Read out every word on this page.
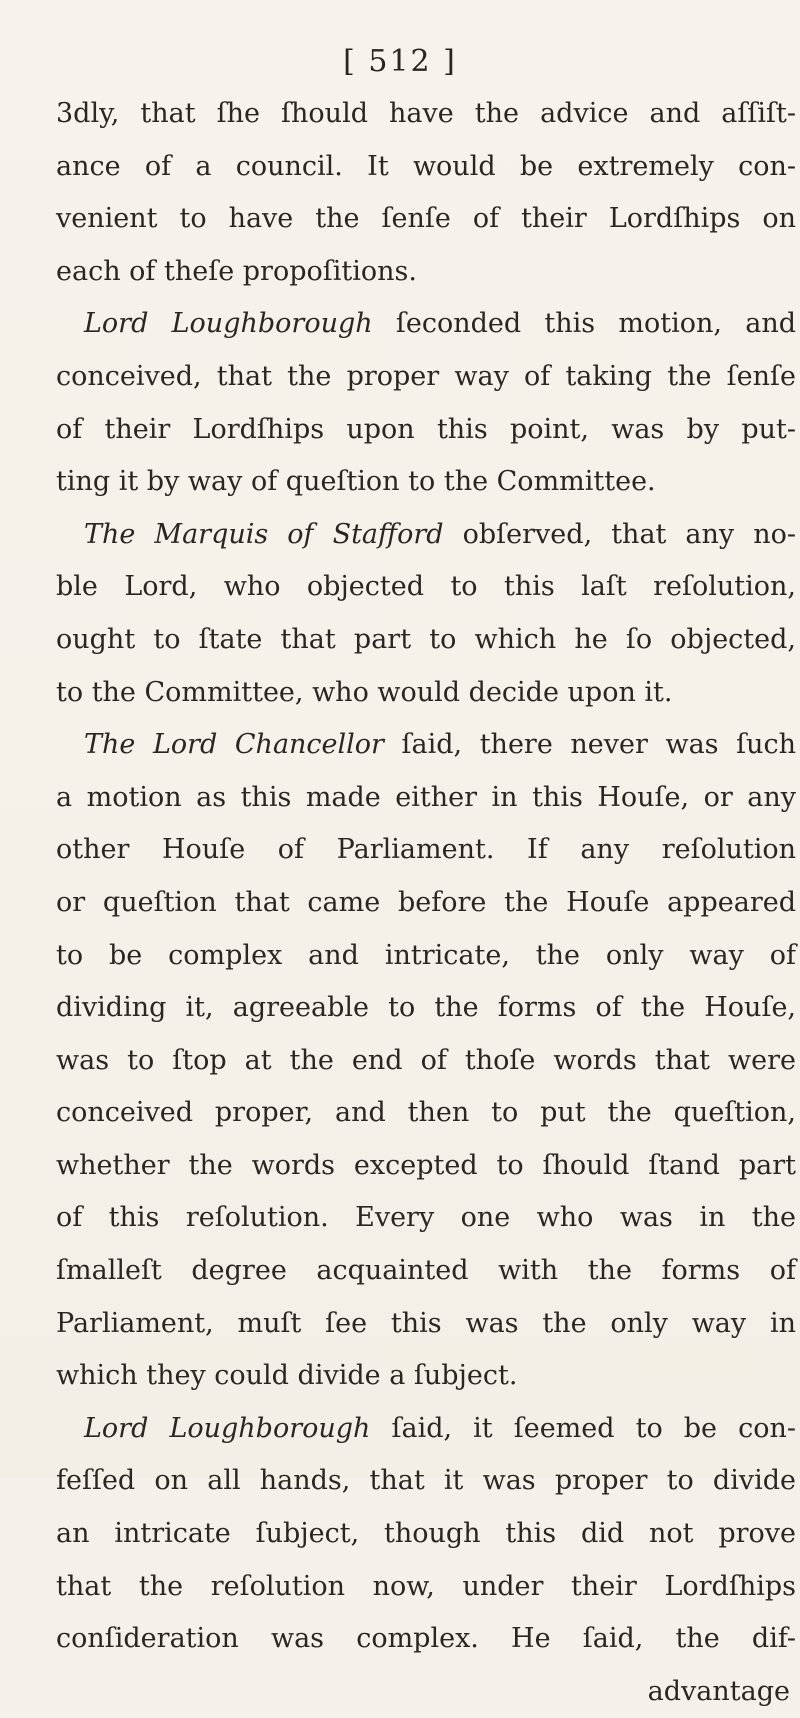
[ 512 ]
3dly, that ſhe ſhould have the advice and aſſiſt-
ance of a council. It would be extremely con-
venient to have the ſenſe of their Lordſhips on
each of theſe propoſitions.
Lord Loughborough ſeconded this motion, and
conceived, that the proper way of taking the ſenſe
of their Lordſhips upon this point, was by put-
ting it by way of queſtion to the Committee.
The Marquis of Stafford obſerved, that any no-
ble Lord, who objected to this laſt reſolution,
ought to ſtate that part to which he ſo objected,
to the Committee, who would decide upon it.
The Lord Chancellor ſaid, there never was ſuch
a motion as this made either in this Houſe, or any
other Houſe of Parliament. If any reſolution
or queſtion that came before the Houſe appeared
to be complex and intricate, the only way of
dividing it, agreeable to the forms of the Houſe,
was to ſtop at the end of thoſe words that were
conceived proper, and then to put the queſtion,
whether the words excepted to ſhould ſtand part
of this reſolution. Every one who was in the
ſmalleſt degree acquainted with the forms of
Parliament, muſt ſee this was the only way in
which they could divide a ſubject.
Lord Loughborough ſaid, it ſeemed to be con-
feſſed on all hands, that it was proper to divide
an intricate ſubject, though this did not prove
that the reſolution now, under their Lordſhips
conſideration was complex. He ſaid, the dif-
advantage
